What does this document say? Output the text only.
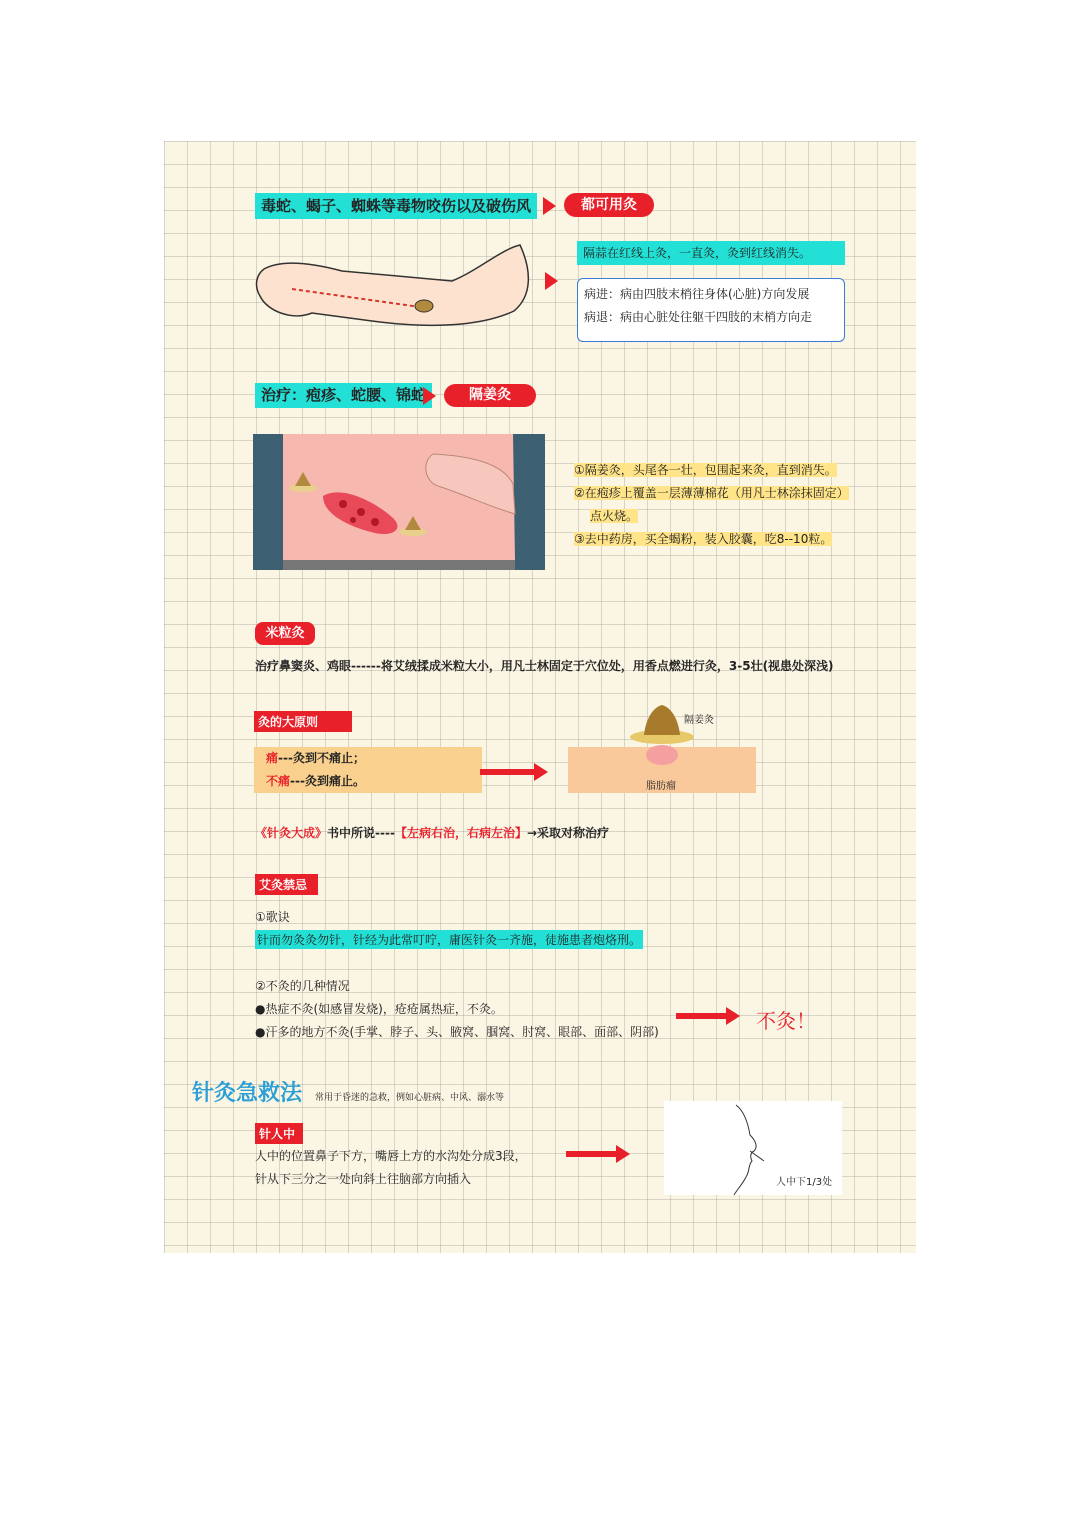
毒蛇、蝎子、蜘蛛等毒物咬伤以及破伤风	都可用灸
隔蒜在红线上灸，一直灸，灸到红线消失。
病进：病由四肢末梢往身体(心脏)方向发展
病退：病由心脏处往躯干四肢的末梢方向走
治疗：疱疹、蛇腰、锦蛇	隔姜灸
①隔姜灸，头尾各一壮，包围起来灸，直到消失。
②在疱疹上覆盖一层薄薄棉花（用凡士林涂抹固定）
点火烧。
③去中药房，买全蝎粉，装入胶囊，吃8--10粒。
米粒灸
治疗鼻窦炎、鸡眼------将艾绒揉成米粒大小，用凡士林固定于穴位处，用香点燃进行灸，3-5壮(视患处深浅)
灸的大原则
痛---灸到不痛止；
不痛---灸到痛止。
隔姜灸
脂肪瘤
《针灸大成》书中所说----【左病右治，右病左治】→采取对称治疗
艾灸禁忌
①歌诀
针而勿灸灸勿针，针经为此常叮咛，庸医针灸一齐施，徒施患者炮烙刑。
②不灸的几种情况
●热症不灸(如感冒发烧)，疮疮属热症，不灸。
●汗多的地方不灸(手掌、脖子、头、腋窝、腘窝、肘窝、眼部、面部、阴部)	不灸！
针灸急救法 常用于昏迷的急救，例如心脏病、中风、溺水等
针人中
人中的位置鼻子下方，嘴唇上方的水沟处分成3段，
针从下三分之一处向斜上往脑部方向插入	人中下1/3处
